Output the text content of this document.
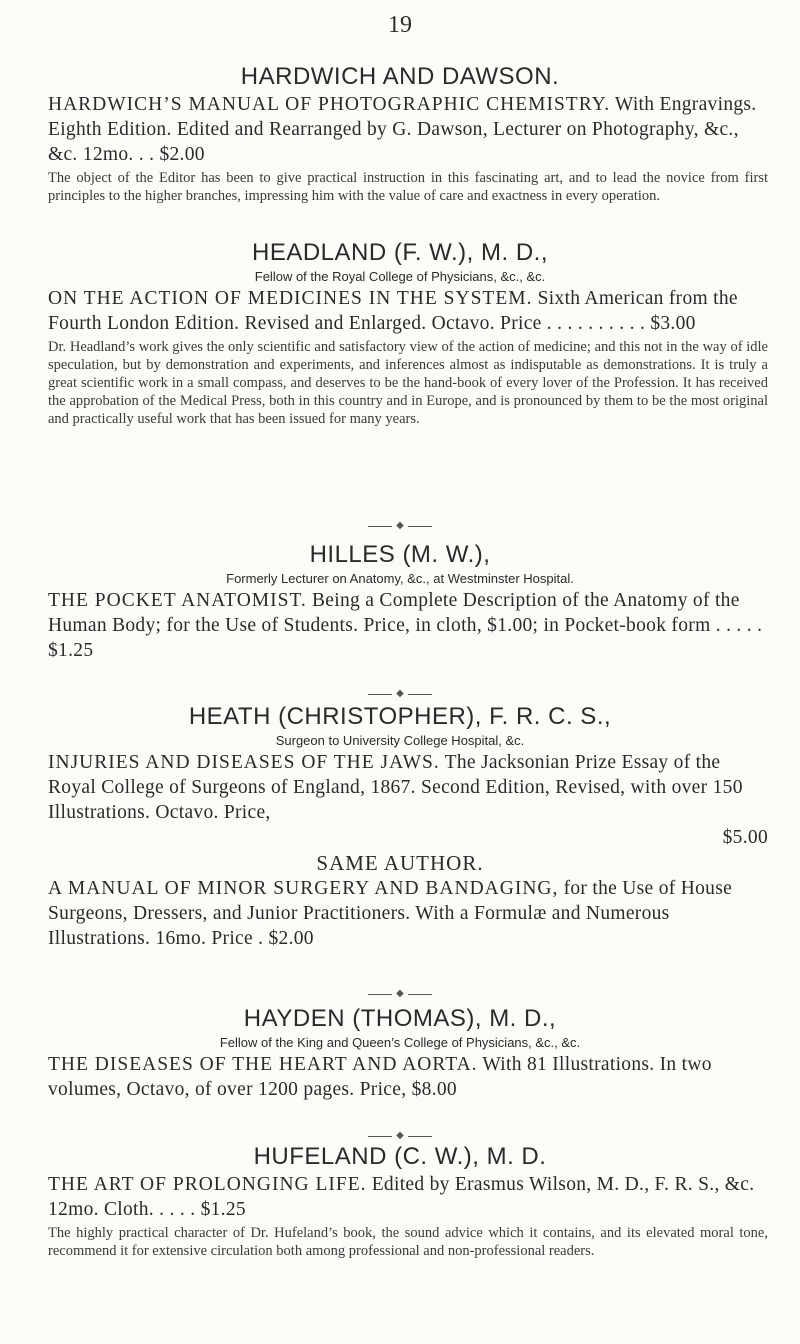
19
HARDWICH AND DAWSON.

HARDWICH’S MANUAL OF PHOTOGRAPHIC CHEMISTRY. With Engravings. Eighth Edition. Edited and Rearranged by G. Dawson, Lecturer on Photography, &c., &c. 12mo. . . $2.00

The object of the Editor has been to give practical instruction in this fascinating art, and to lead the novice from first principles to the higher branches, impressing him with the value of care and exactness in every operation.

HEADLAND (F. W.), M. D.,

Fellow of the Royal College of Physicians, &c., &c.

ON THE ACTION OF MEDICINES IN THE SYSTEM. Sixth American from the Fourth London Edition. Revised and Enlarged. Octavo. Price . . . . . . . . . . $3.00

Dr. Headland’s work gives the only scientific and satisfactory view of the action of medicine; and this not in the way of idle speculation, but by demonstration and experiments, and inferences almost as indisputable as demonstrations. It is truly a great scientific work in a small compass, and deserves to be the hand-book of every lover of the Profession. It has received the approbation of the Medical Press, both in this country and in Europe, and is pronounced by them to be the most original and practically useful work that has been issued for many years.

◆
HILLES (M. W.),

Formerly Lecturer on Anatomy, &c., at Westminster Hospital.

THE POCKET ANATOMIST. Being a Complete Description of the Anatomy of the Human Body; for the Use of Students. Price, in cloth, $1.00; in Pocket-book form . . . . . $1.25

◆
HEATH (CHRISTOPHER), F. R. C. S.,

Surgeon to University College Hospital, &c.

INJURIES AND DISEASES OF THE JAWS. The Jacksonian Prize Essay of the Royal College of Surgeons of England, 1867. Second Edition, Revised, with over 150 Illustrations. Octavo. Price,
$5.00

SAME AUTHOR.

A MANUAL OF MINOR SURGERY AND BANDAGING, for the Use of House Surgeons, Dressers, and Junior Practitioners. With a Formulæ and Numerous Illustrations. 16mo. Price . $2.00

◆
HAYDEN (THOMAS), M. D.,

Fellow of the King and Queen’s College of Physicians, &c., &c.

THE DISEASES OF THE HEART AND AORTA. With 81 Illustrations. In two volumes, Octavo, of over 1200 pages. Price, $8.00

◆
HUFELAND (C. W.), M. D.

THE ART OF PROLONGING LIFE. Edited by Erasmus Wilson, M. D., F. R. S., &c. 12mo. Cloth. . . . . $1.25

The highly practical character of Dr. Hufeland’s book, the sound advice which it contains, and its elevated moral tone, recommend it for extensive circulation both among professional and non-professional readers.
